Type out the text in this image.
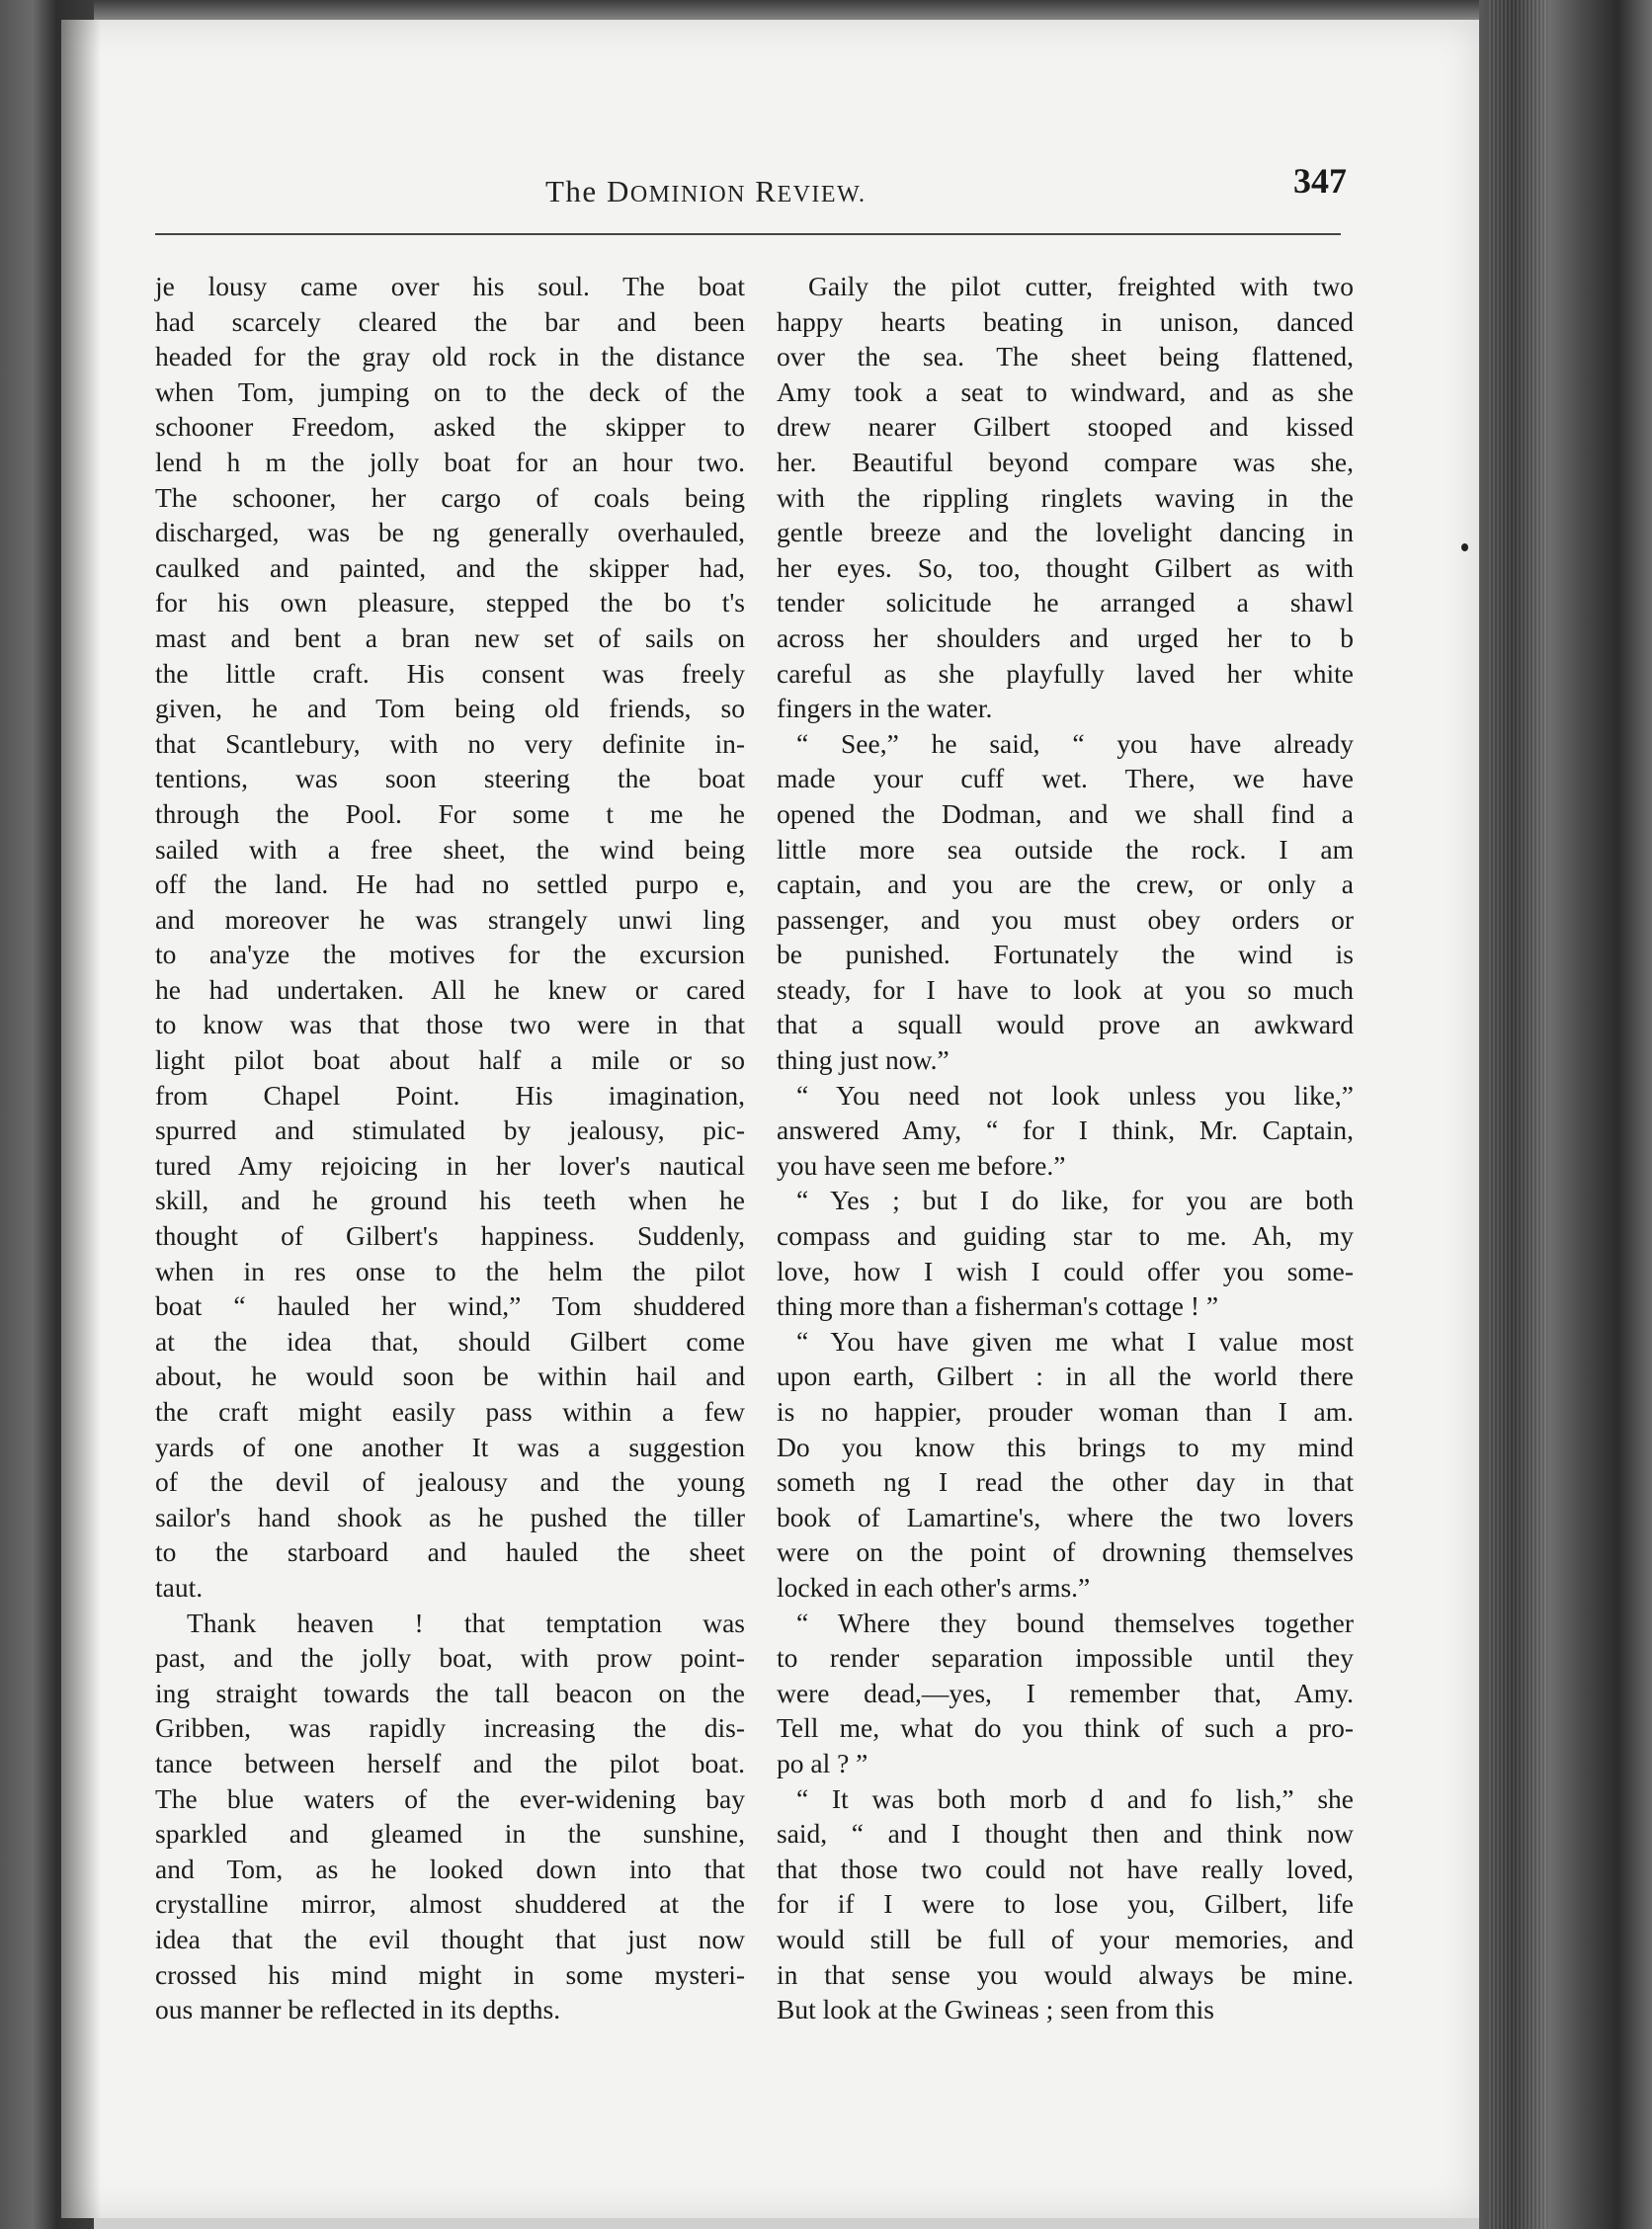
The DOMINION REVIEW.	347
je lousy came over his soul. The boat
had scarcely cleared the bar and been
headed for the gray old rock in the distance
when Tom, jumping on to the deck of the
schooner Freedom, asked the skipper to
lend h m the jolly boat for an hour two.
The schooner, her cargo of coals being
discharged, was be ng generally overhauled,
caulked and painted, and the skipper had,
for his own pleasure, stepped the bo t's
mast and bent a bran new set of sails on
the little craft. His consent was freely
given, he and Tom being old friends, so
that Scantlebury, with no very definite in-
tentions, was soon steering the boat
through the Pool. For some t me he
sailed with a free sheet, the wind being
off the land. He had no settled purpo e,
and moreover he was strangely unwi ling
to ana'yze the motives for the excursion
he had undertaken. All he knew or cared
to know was that those two were in that
light pilot boat about half a mile or so
from Chapel Point. His imagination,
spurred and stimulated by jealousy, pic-
tured Amy rejoicing in her lover's nautical
skill, and he ground his teeth when he
thought of Gilbert's happiness. Suddenly,
when in res onse to the helm the pilot
boat “ hauled her wind,” Tom shuddered
at the idea that, should Gilbert come
about, he would soon be within hail and
the craft might easily pass within a few
yards of one another It was a suggestion
of the devil of jealousy and the young
sailor's hand shook as he pushed the tiller
to the starboard and hauled the sheet
taut.
Thank heaven ! that temptation was
past, and the jolly boat, with prow point-
ing straight towards the tall beacon on the
Gribben, was rapidly increasing the dis-
tance between herself and the pilot boat.
The blue waters of the ever-widening bay
sparkled and gleamed in the sunshine,
and Tom, as he looked down into that
crystalline mirror, almost shuddered at the
idea that the evil thought that just now
crossed his mind might in some mysteri-
ous manner be reflected in its depths.
Gaily the pilot cutter, freighted with two
happy hearts beating in unison, danced
over the sea. The sheet being flattened,
Amy took a seat to windward, and as she
drew nearer Gilbert stooped and kissed
her. Beautiful beyond compare was she,
with the rippling ringlets waving in the
gentle breeze and the lovelight dancing in
her eyes. So, too, thought Gilbert as with
tender solicitude he arranged a shawl
across her shoulders and urged her to b
careful as she playfully laved her white
fingers in the water.
“ See,” he said, “ you have already
made your cuff wet. There, we have
opened the Dodman, and we shall find a
little more sea outside the rock. I am
captain, and you are the crew, or only a
passenger, and you must obey orders or
be punished. Fortunately the wind is
steady, for I have to look at you so much
that a squall would prove an awkward
thing just now.”
“ You need not look unless you like,”
answered Amy, “ for I think, Mr. Captain,
you have seen me before.”
“ Yes ; but I do like, for you are both
compass and guiding star to me. Ah, my
love, how I wish I could offer you some-
thing more than a fisherman's cottage ! ”
“ You have given me what I value most
upon earth, Gilbert : in all the world there
is no happier, prouder woman than I am.
Do you know this brings to my mind
someth ng I read the other day in that
book of Lamartine's, where the two lovers
were on the point of drowning themselves
locked in each other's arms.”
“ Where they bound themselves together
to render separation impossible until they
were dead,—yes, I remember that, Amy.
Tell me, what do you think of such a pro-
po al ? ”
“ It was both morb d and fo lish,” she
said, “ and I thought then and think now
that those two could not have really loved,
for if I were to lose you, Gilbert, life
would still be full of your memories, and
in that sense you would always be mine.
But look at the Gwineas ; seen from this
